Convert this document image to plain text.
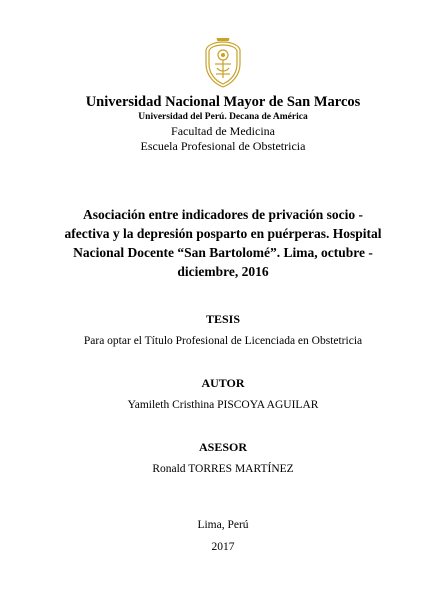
Universidad Nacional Mayor de San Marcos
Universidad del Perú. Decana de América
Facultad de Medicina
Escuela Profesional de Obstetricia
Asociación entre indicadores de privación socio -
afectiva y la depresión posparto en puérperas. Hospital
Nacional Docente “San Bartolomé”. Lima, octubre -
diciembre, 2016
TESIS
Para optar el Título Profesional de Licenciada en Obstetricia
AUTOR
Yamileth Cristhina PISCOYA AGUILAR
ASESOR
Ronald TORRES MARTÍNEZ
Lima, Perú
2017
